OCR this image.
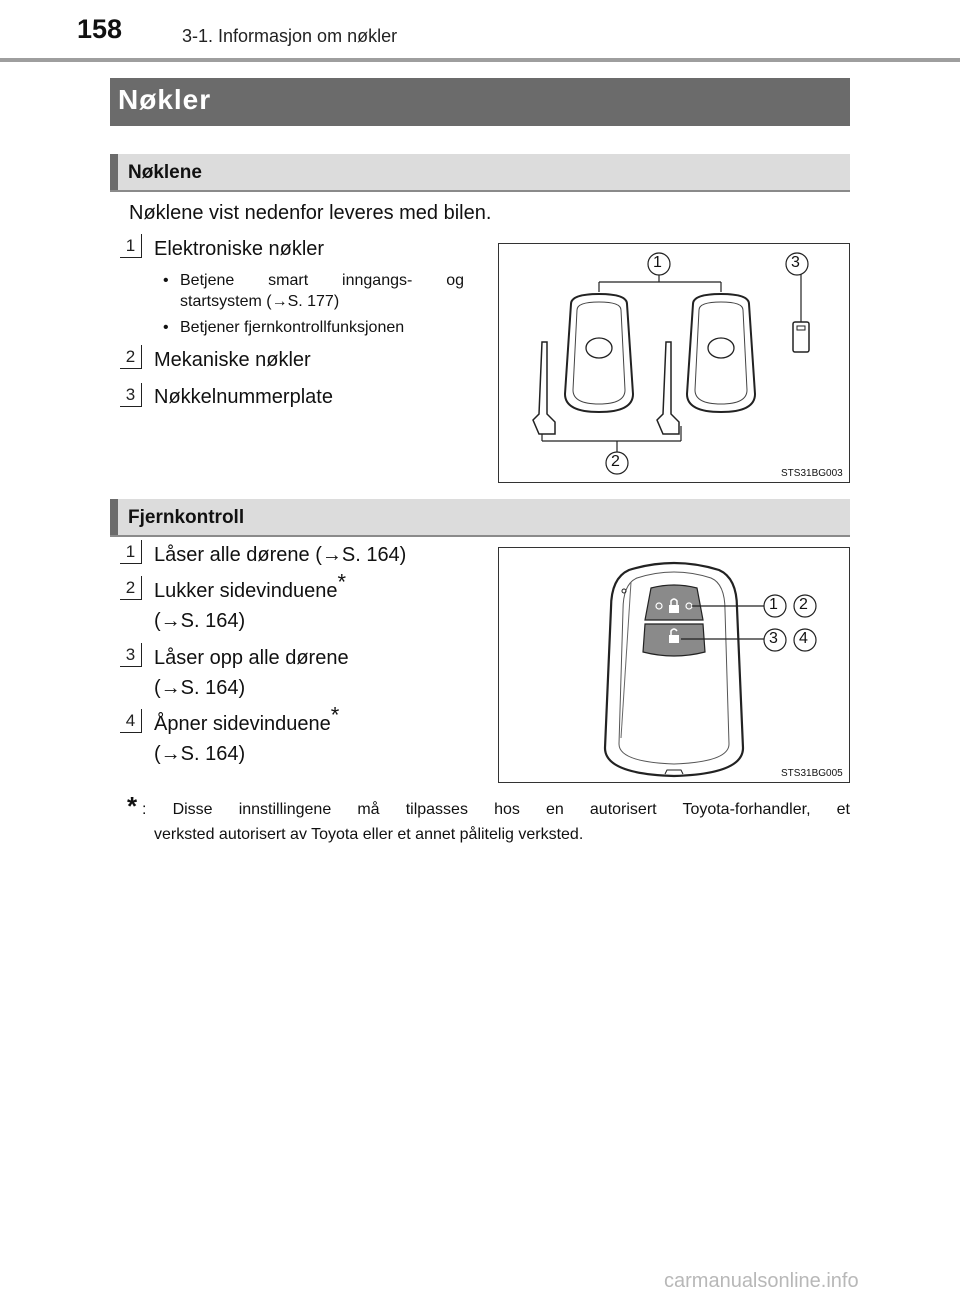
158	3-1. Informasjon om nøkler
Nøkler
Nøklene
Nøklene vist nedenfor leveres med bilen.
1 Elektroniske nøkler
• Betjene smart inngangs- og
startsystem (→S. 177)
• Betjener fjernkontrollfunksjonen
2 Mekaniske nøkler
3 Nøkkelnummerplate
1	3
2
STS31BG003
Fjernkontroll
1 Låser alle dørene (→S. 164)
2 Lukker sidevinduene*
(→S. 164)
3 Låser opp alle dørene
(→S. 164)
4 Åpner sidevinduene*
(→S. 164)
1 2
3 4
STS31BG005
* : Disse innstillingene må tilpasses hos en autorisert Toyota-forhandler, et
verksted autorisert av Toyota eller et annet pålitelig verksted.
carmanualsonline.info
